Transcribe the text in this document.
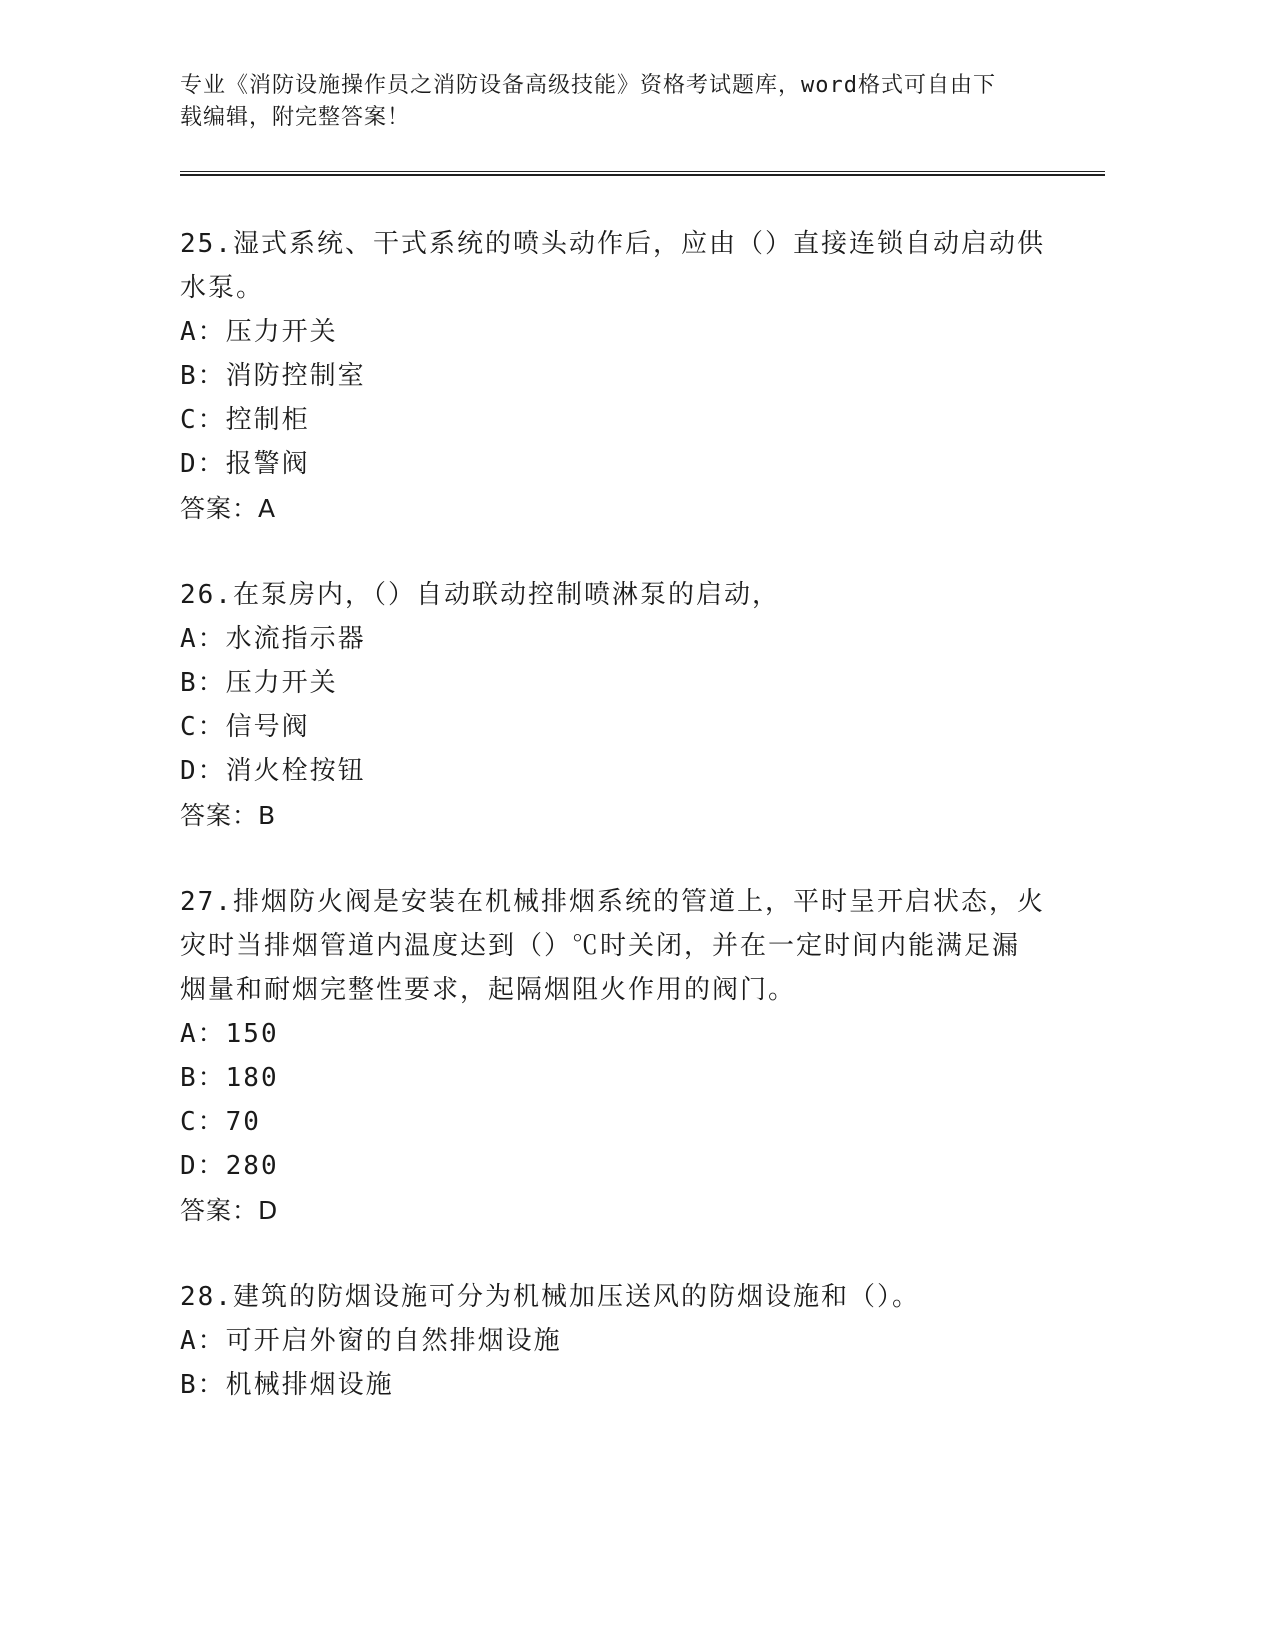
专业《消防设施操作员之消防设备高级技能》资格考试题库，word格式可自由下

载编辑，附完整答案！

25.湿式系统、干式系统的喷头动作后，应由（）直接连锁自动启动供

水泵。

A：压力开关

B：消防控制室

C：控制柜

D：报警阀

答案：A

26.在泵房内，（）自动联动控制喷淋泵的启动，

A：水流指示器

B：压力开关

C：信号阀

D：消火栓按钮

答案：B

27.排烟防火阀是安装在机械排烟系统的管道上，平时呈开启状态，火

灾时当排烟管道内温度达到（）℃时关闭，并在一定时间内能满足漏

烟量和耐烟完整性要求，起隔烟阻火作用的阀门。

A：150

B：180

C：70

D：280

答案：D

28.建筑的防烟设施可分为机械加压送风的防烟设施和（）。

A：可开启外窗的自然排烟设施

B：机械排烟设施
